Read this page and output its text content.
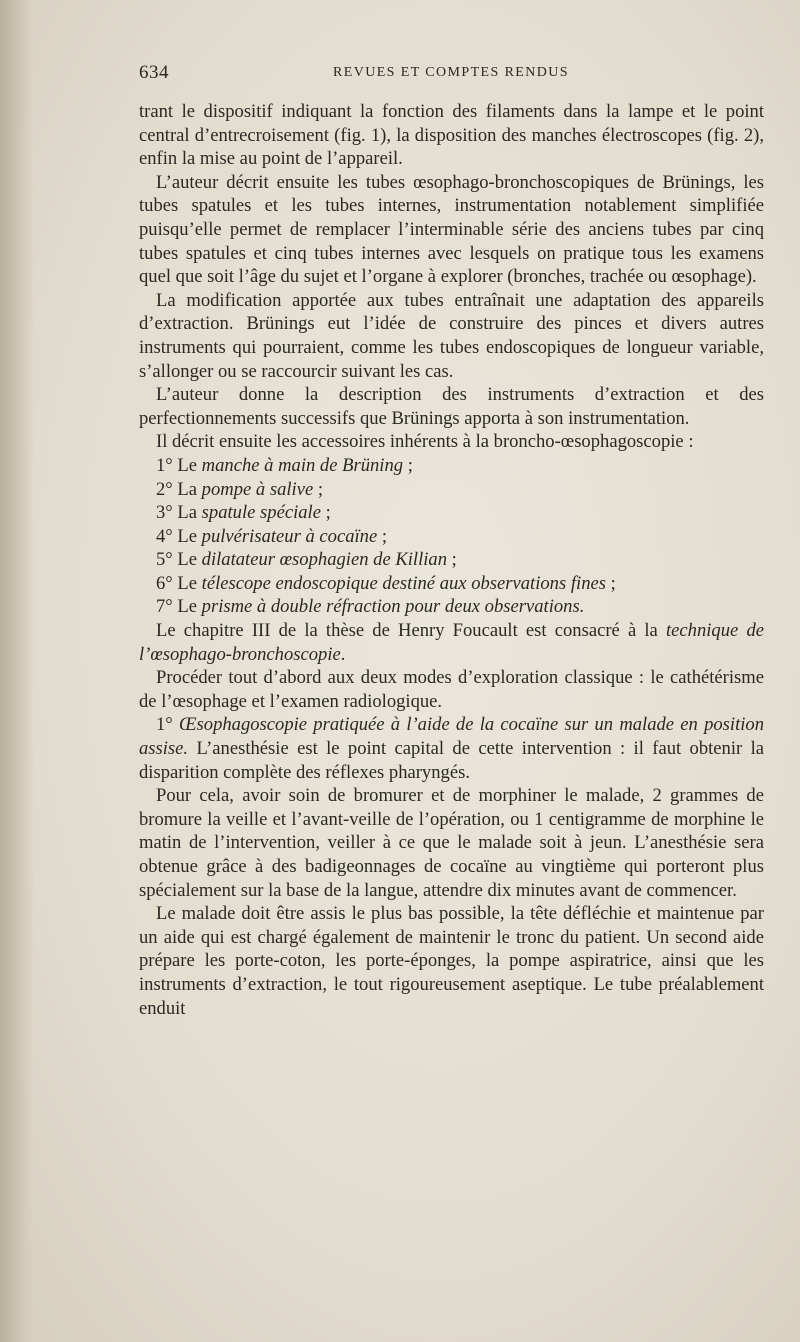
634	REVUES ET COMPTES RENDUS

trant le dispositif indiquant la fonction des filaments dans la lampe et le point central d’entrecroisement (fig. 1), la disposition des manches électroscopes (fig. 2), enfin la mise au point de l’appareil.

L’auteur décrit ensuite les tubes œsophago-bronchoscopiques de Brünings, les tubes spatules et les tubes internes, instrumentation notablement simplifiée puisqu’elle permet de remplacer l’interminable série des anciens tubes par cinq tubes spatules et cinq tubes internes avec lesquels on pratique tous les examens quel que soit l’âge du sujet et l’organe à explorer (bronches, trachée ou œsophage).

La modification apportée aux tubes entraînait une adaptation des appareils d’extraction. Brünings eut l’idée de construire des pinces et divers autres instruments qui pourraient, comme les tubes endoscopiques de longueur variable, s’allonger ou se raccourcir suivant les cas.

L’auteur donne la description des instruments d’extraction et des perfectionnements successifs que Brünings apporta à son instrumentation.

Il décrit ensuite les accessoires inhérents à la broncho-œsophagoscopie :

1° Le manche à main de Brüning ;

2° La pompe à salive ;

3° La spatule spéciale ;

4° Le pulvérisateur à cocaïne ;

5° Le dilatateur œsophagien de Killian ;

6° Le télescope endoscopique destiné aux observations fines ;

7° Le prisme à double réfraction pour deux observations.

Le chapitre III de la thèse de Henry Foucault est consacré à la technique de l’œsophago-bronchoscopie.

Procéder tout d’abord aux deux modes d’exploration classique : le cathétérisme de l’œsophage et l’examen radiologique.

1° Œsophagoscopie pratiquée à l’aide de la cocaïne sur un malade en position assise. L’anesthésie est le point capital de cette intervention : il faut obtenir la disparition complète des réflexes pharyngés.

Pour cela, avoir soin de bromurer et de morphiner le malade, 2 grammes de bromure la veille et l’avant-veille de l’opération, ou 1 centigramme de morphine le matin de l’intervention, veiller à ce que le malade soit à jeun. L’anesthésie sera obtenue grâce à des badigeonnages de cocaïne au vingtième qui porteront plus spécialement sur la base de la langue, attendre dix minutes avant de commencer.

Le malade doit être assis le plus bas possible, la tête défléchie et maintenue par un aide qui est chargé également de maintenir le tronc du patient. Un second aide prépare les porte-coton, les porte-éponges, la pompe aspiratrice, ainsi que les instruments d’extraction, le tout rigoureusement aseptique. Le tube préalablement enduit
